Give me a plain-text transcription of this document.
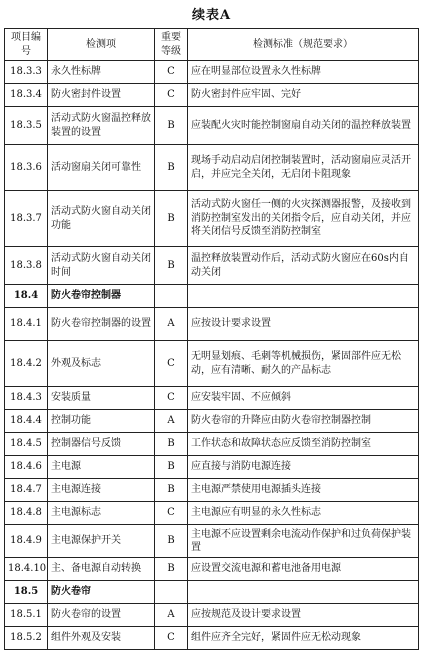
续表A
项目编号	检测项	重要等级	检测标准（规范要求）
18.3.3	永久性标牌	C	应在明显部位设置永久性标牌
18.3.4	防火密封件设置	C	防火密封件应牢固、完好
18.3.5	活动式防火窗温控释放装置的设置	B	应装配火灾时能控制窗扇自动关闭的温控释放装置
18.3.6	活动窗扇关闭可靠性	B	现场手动启动启闭控制装置时，活动窗扇应灵活开启，并应完全关闭，无启闭卡阻现象
18.3.7	活动式防火窗自动关闭功能	B	活动式防火窗任一侧的火灾探测器报警，及接收到消防控制室发出的关闭指令后，应自动关闭，并应将关闭信号反馈至消防控制室
18.3.8	活动式防火窗自动关闭时间	B	温控释放装置动作后，活动式防火窗应在60s内自动关闭
18.4	防火卷帘控制器		
18.4.1	防火卷帘控制器的设置	A	应按设计要求设置
18.4.2	外观及标志	C	无明显划痕、毛刺等机械损伤，紧固部件应无松动，应有清晰、耐久的产品标志
18.4.3	安装质量	C	应安装牢固、不应倾斜
18.4.4	控制功能	A	防火卷帘的升降应由防火卷帘控制器控制
18.4.5	控制器信号反馈	B	工作状态和故障状态应反馈至消防控制室
18.4.6	主电源	B	应直接与消防电源连接
18.4.7	主电源连接	B	主电源严禁使用电源插头连接
18.4.8	主电源标志	C	主电源应有明显的永久性标志
18.4.9	主电源保护开关	B	主电源不应设置剩余电流动作保护和过负荷保护装置
18.4.10	主、备电源自动转换	B	应设置交流电源和蓄电池备用电源
18.5	防火卷帘		
18.5.1	防火卷帘的设置	A	应按规范及设计要求设置
18.5.2	组件外观及安装	C	组件应齐全完好，紧固件应无松动现象
